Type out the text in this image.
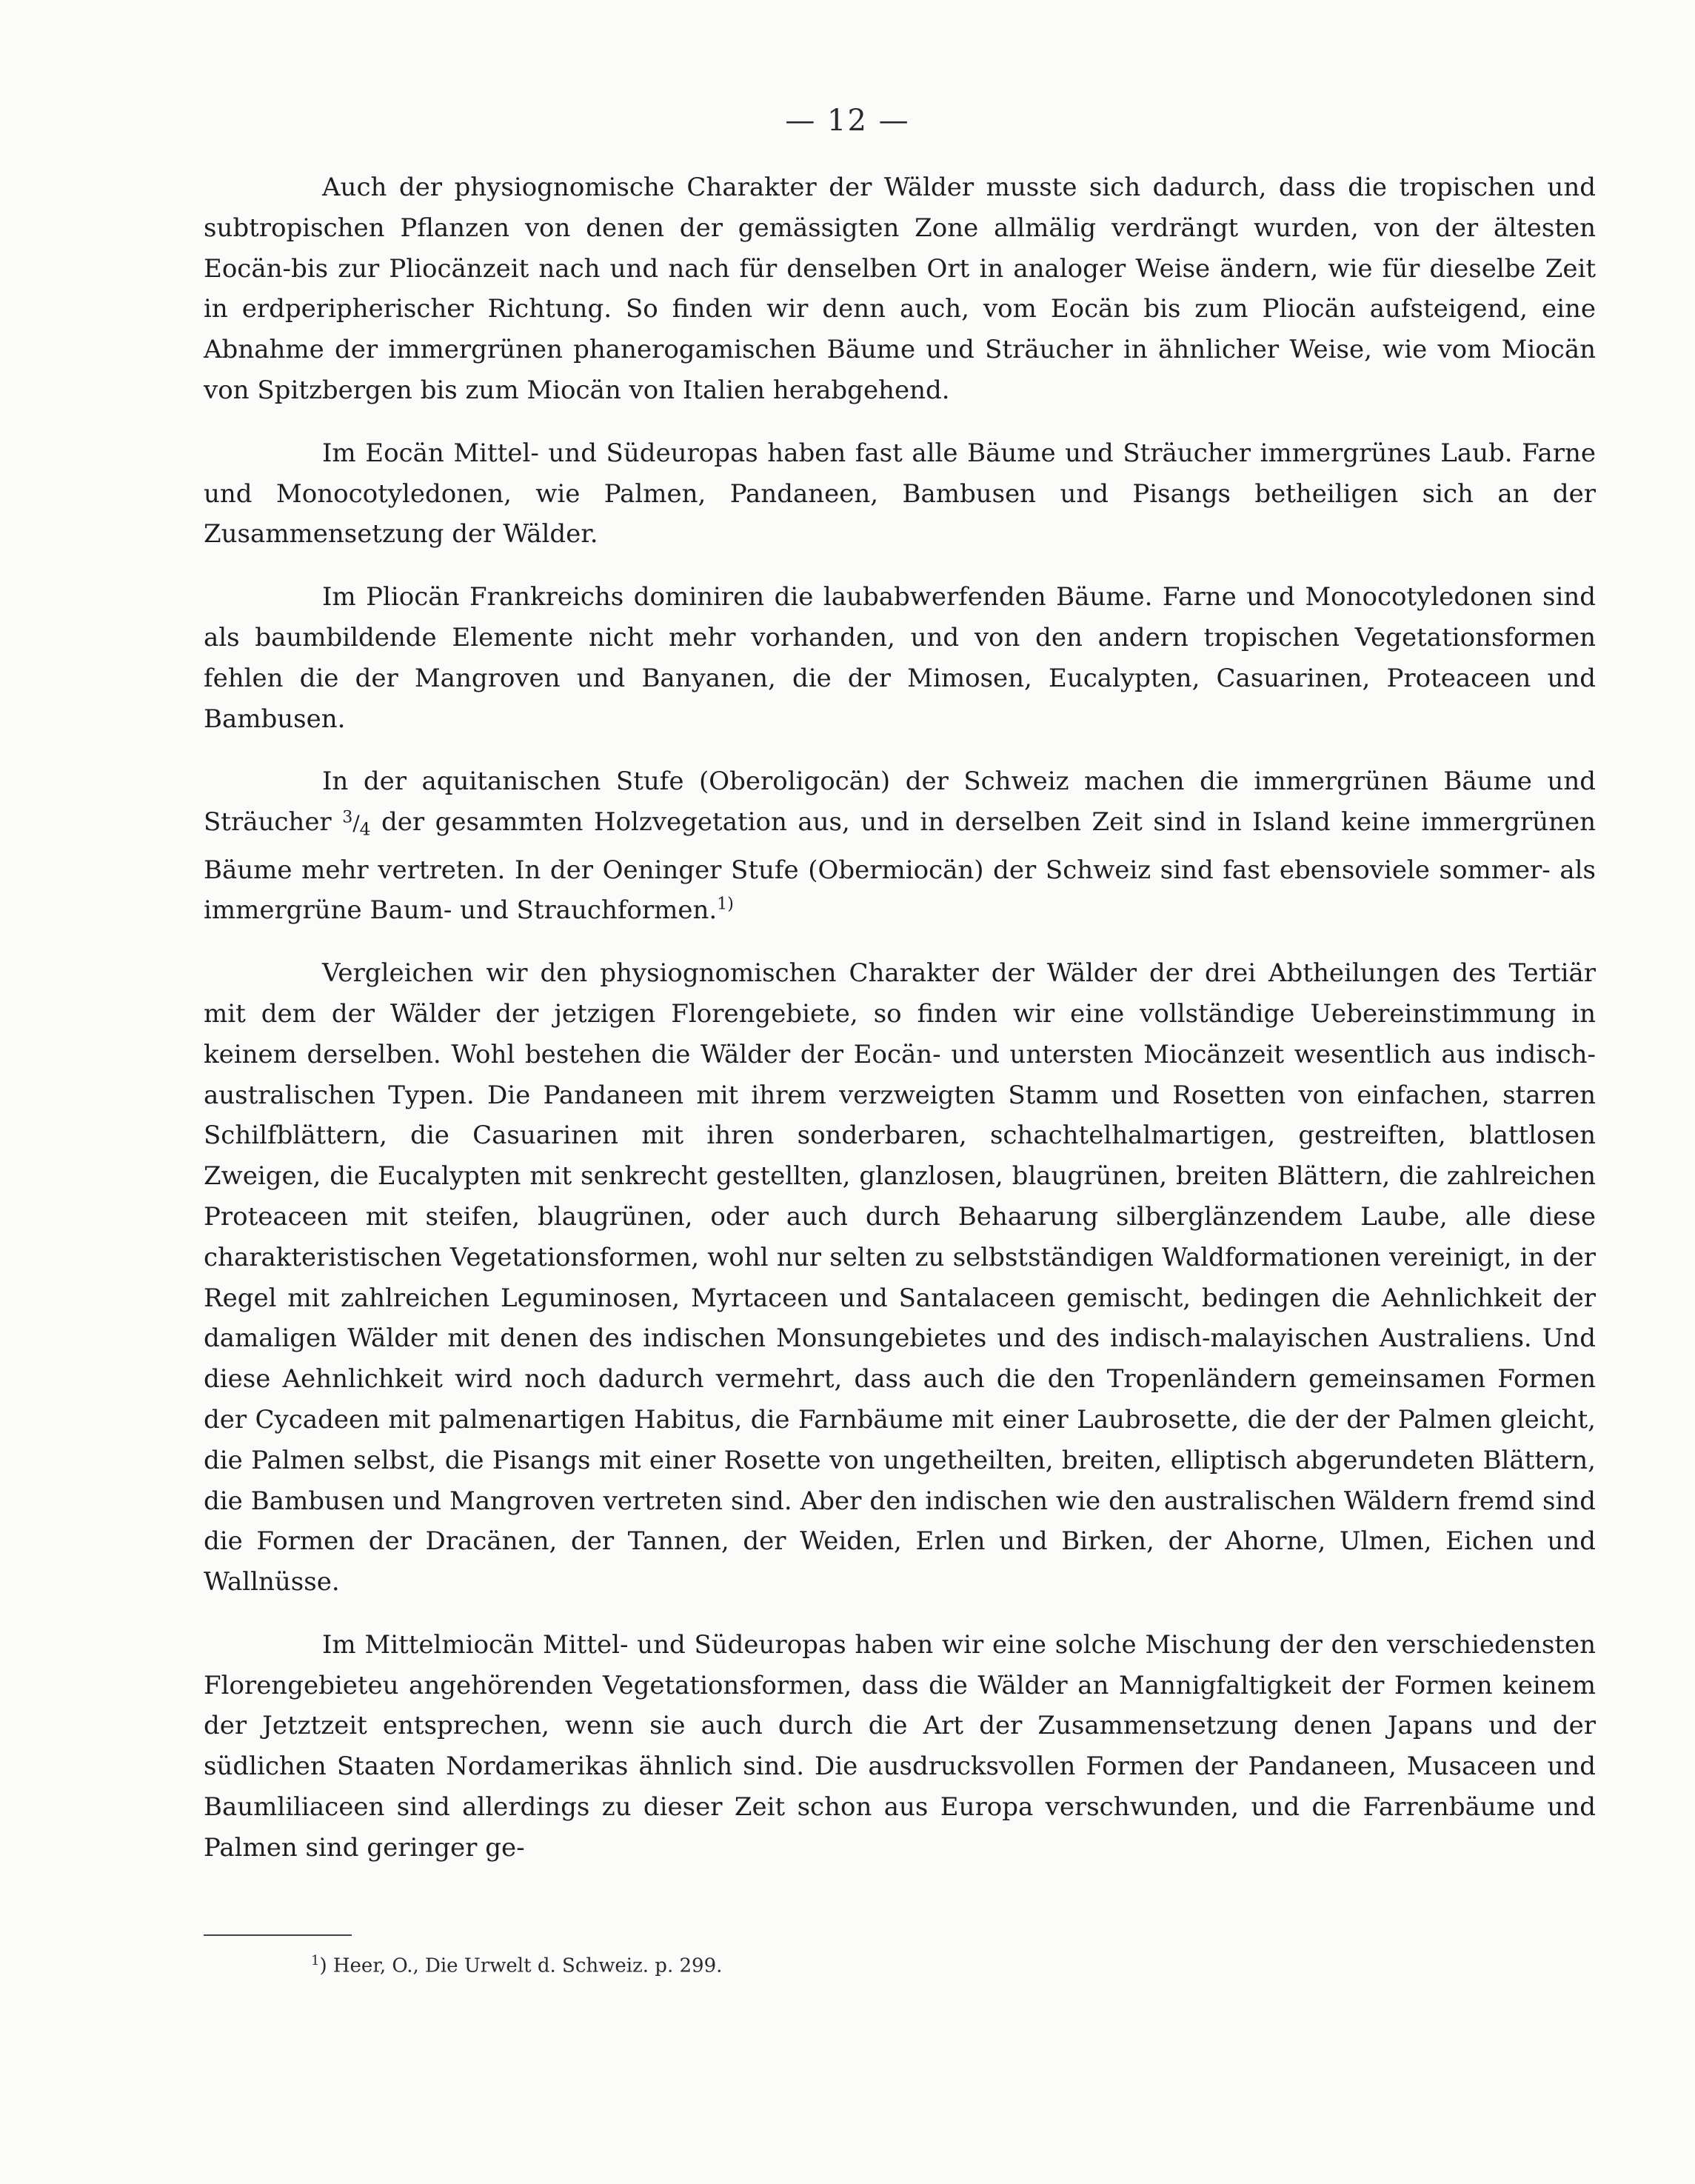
— 12 —

Auch der physiognomische Charakter der Wälder musste sich dadurch, dass die tropischen und subtropischen Pflanzen von denen der gemässigten Zone allmälig verdrängt wurden, von der ältesten Eocän-bis zur Pliocänzeit nach und nach für denselben Ort in analoger Weise ändern, wie für dieselbe Zeit in erdperipherischer Richtung. So finden wir denn auch, vom Eocän bis zum Pliocän aufsteigend, eine Abnahme der immergrünen phanerogamischen Bäume und Sträucher in ähnlicher Weise, wie vom Miocän von Spitzbergen bis zum Miocän von Italien herabgehend.

Im Eocän Mittel- und Südeuropas haben fast alle Bäume und Sträucher immergrünes Laub. Farne und Monocotyledonen, wie Palmen, Pandaneen, Bambusen und Pisangs betheiligen sich an der Zusammensetzung der Wälder.

Im Pliocän Frankreichs dominiren die laubabwerfenden Bäume. Farne und Monocotyledonen sind als baumbildende Elemente nicht mehr vorhanden, und von den andern tropischen Vegetationsformen fehlen die der Mangroven und Banyanen, die der Mimosen, Eucalypten, Casuarinen, Proteaceen und Bambusen.

In der aquitanischen Stufe (Oberoligocän) der Schweiz machen die immergrünen Bäume und Sträucher $^3/_4$ der gesammten Holzvegetation aus, und in derselben Zeit sind in Island keine immergrünen Bäume mehr vertreten. In der Oeninger Stufe (Obermiocän) der Schweiz sind fast ebensoviele sommer- als immergrüne Baum- und Strauchformen.$^{1)}$

Vergleichen wir den physiognomischen Charakter der Wälder der drei Abtheilungen des Tertiär mit dem der Wälder der jetzigen Florengebiete, so finden wir eine vollständige Uebereinstimmung in keinem derselben. Wohl bestehen die Wälder der Eocän- und untersten Miocänzeit wesentlich aus indisch-australischen Typen. Die Pandaneen mit ihrem verzweigten Stamm und Rosetten von einfachen, starren Schilfblättern, die Casuarinen mit ihren sonderbaren, schachtelhalmartigen, gestreiften, blattlosen Zweigen, die Eucalypten mit senkrecht gestellten, glanzlosen, blaugrünen, breiten Blättern, die zahlreichen Proteaceen mit steifen, blaugrünen, oder auch durch Behaarung silberglänzendem Laube, alle diese charakteristischen Vegetationsformen, wohl nur selten zu selbstständigen Waldformationen vereinigt, in der Regel mit zahlreichen Leguminosen, Myrtaceen und Santalaceen gemischt, bedingen die Aehnlichkeit der damaligen Wälder mit denen des indischen Monsungebietes und des indisch-malayischen Australiens. Und diese Aehnlichkeit wird noch dadurch vermehrt, dass auch die den Tropenländern gemeinsamen Formen der Cycadeen mit palmenartigen Habitus, die Farnbäume mit einer Laubrosette, die der der Palmen gleicht, die Palmen selbst, die Pisangs mit einer Rosette von ungetheilten, breiten, elliptisch abgerundeten Blättern, die Bambusen und Mangroven vertreten sind. Aber den indischen wie den australischen Wäldern fremd sind die Formen der Dracänen, der Tannen, der Weiden, Erlen und Birken, der Ahorne, Ulmen, Eichen und Wallnüsse.

Im Mittelmiocän Mittel- und Südeuropas haben wir eine solche Mischung der den verschiedensten Florengebieteu angehörenden Vegetationsformen, dass die Wälder an Mannigfaltigkeit der Formen keinem der Jetztzeit entsprechen, wenn sie auch durch die Art der Zusammensetzung denen Japans und der südlichen Staaten Nordamerikas ähnlich sind. Die ausdrucksvollen Formen der Pandaneen, Musaceen und Baumliliaceen sind allerdings zu dieser Zeit schon aus Europa verschwunden, und die Farrenbäume und Palmen sind geringer ge-

$^1$) Heer, O., Die Urwelt d. Schweiz. p. 299.
